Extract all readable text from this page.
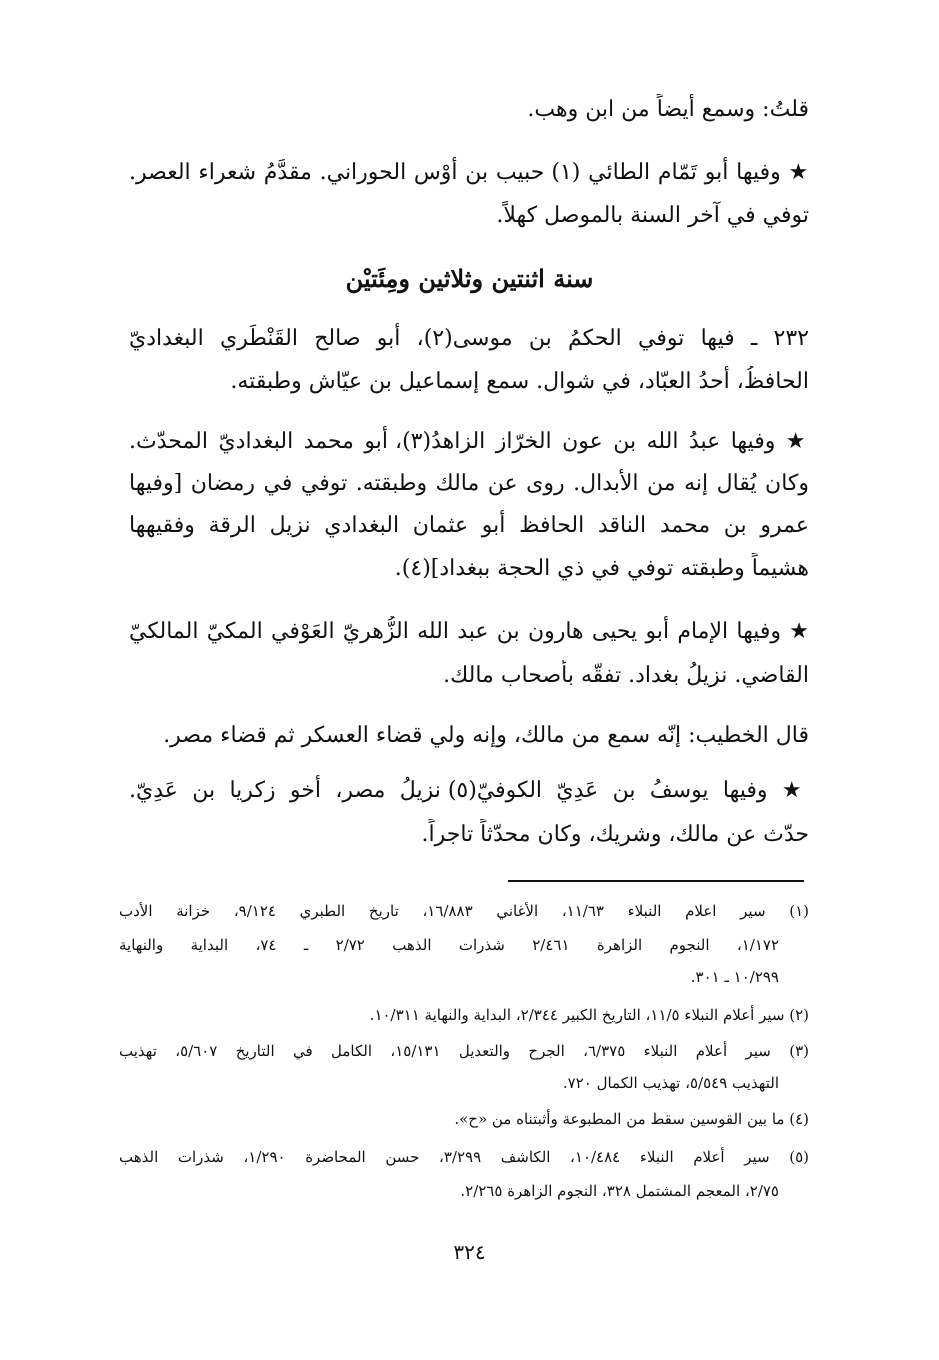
قلتُ: وسمع أيضاً من ابن وهب.

★ وفيها أبو تَمّام الطائي (١) حبيب بن أَوْس الحوراني. مقدَّمُ شعراء العصر.

توفي في آخر السنة بالموصل كهلاً.

سنة اثنتين وثلاثين ومِئَتيْن

٢٣٢ ـ فيها توفي الحكمُ بن موسى(٢)، أبو صالح القَنْطَري البغداديّ

الحافظُ، أحدُ العبّاد، في شوال. سمع إسماعيل بن عيّاش وطبقته.

★ وفيها عبدُ الله بن عون الخرّاز الزاهدُ(٣)، أبو محمد البغداديّ المحدّث.

وكان يُقال إنه من الأبدال. روى عن مالك وطبقته. توفي في رمضان [وفيها

عمرو بن محمد الناقد الحافظ أبو عثمان البغدادي نزيل الرقة وفقيهها

هشيماً وطبقته توفي في ذي الحجة ببغداد](٤).

★ وفيها الإمام أبو يحيى هارون بن عبد الله الزُّهريّ العَوْفي المكيّ المالكيّ

القاضي. نزيلُ بغداد. تفقّه بأصحاب مالك.

قال الخطيب: إنّه سمع من مالك، وإنه ولي قضاء العسكر ثم قضاء مصر.

★ وفيها يوسفُ بن عَدِيّ الكوفيّ(٥) نزيلُ مصر، أخو زكريا بن عَدِيّ.

حدّث عن مالك، وشريك، وكان محدّثاً تاجراً.

(١) سير اعلام النبلاء ١١/٦٣، الأغاني ١٦/٨٨٣، تاريخ الطبري ٩/١٢٤، خزانة الأدب

١/١٧٢، النجوم الزاهرة ٢/٤٦١ شذرات الذهب ٢/٧٢ ـ ٧٤، البداية والنهاية

١٠/٢٩٩ ـ ٣٠١.

(٢) سير أعلام النبلاء ١١/٥، التاريخ الكبير ٢/٣٤٤، البداية والنهاية ١٠/٣١١.

(٣) سير أعلام النبلاء ٦/٣٧٥، الجرح والتعديل ١٥/١٣١، الكامل في التاريخ ٥/٦٠٧، تهذيب

التهذيب ٥/٥٤٩، تهذيب الكمال ٧٢٠.

(٤) ما بين القوسين سقط من المطبوعة وأثبتناه من «ح».

(٥) سير أعلام النبلاء ١٠/٤٨٤، الكاشف ٣/٢٩٩، حسن المحاضرة ١/٢٩٠، شذرات الذهب

٢/٧٥، المعجم المشتمل ٣٢٨، النجوم الزاهرة ٢/٢٦٥.

٣٢٤
